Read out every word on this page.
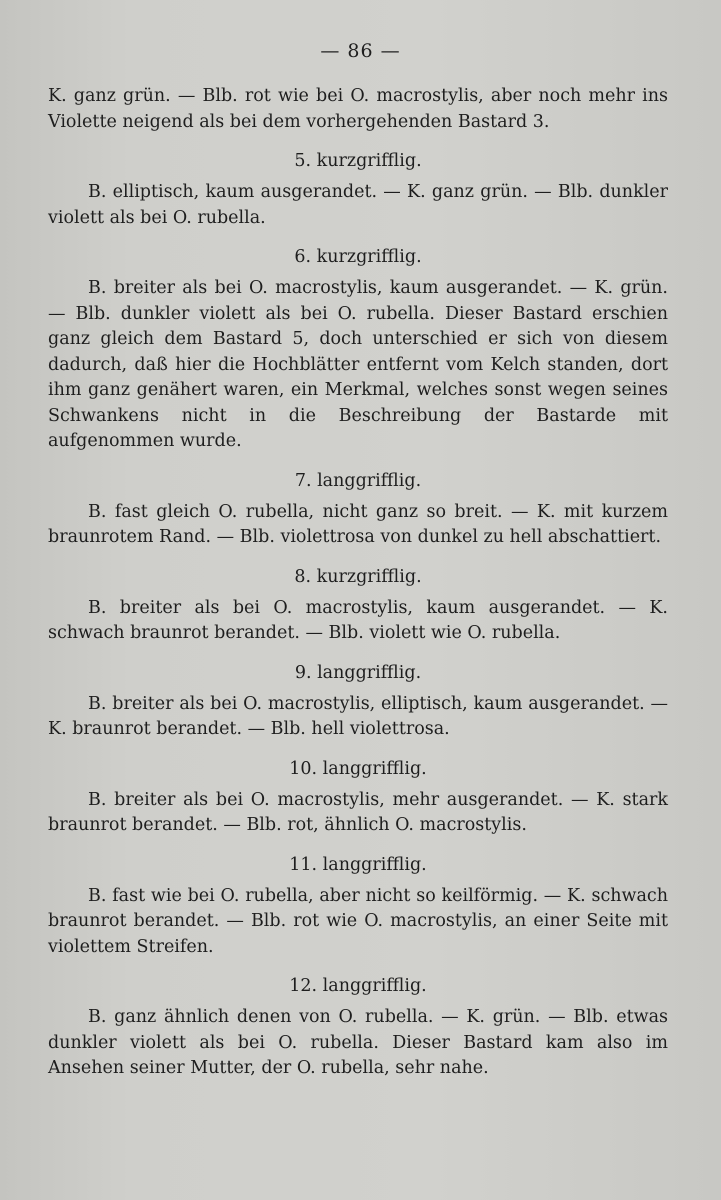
— 86 —

K. ganz grün. — Blb. rot wie bei O. macrostylis, aber noch mehr ins Violette neigend als bei dem vorhergehenden Bastard 3.

5. kurzgrifflig.

B. elliptisch, kaum ausgerandet. — K. ganz grün. — Blb. dunkler violett als bei O. rubella.

6. kurzgrifflig.

B. breiter als bei O. macrostylis, kaum ausgerandet. — K. grün. — Blb. dunkler violett als bei O. rubella. Dieser Bastard erschien ganz gleich dem Bastard 5, doch unterschied er sich von diesem dadurch, daß hier die Hochblätter entfernt vom Kelch standen, dort ihm ganz genähert waren, ein Merkmal, welches sonst wegen seines Schwankens nicht in die Beschreibung der Bastarde mit aufgenommen wurde.

7. langgrifflig.

B. fast gleich O. rubella, nicht ganz so breit. — K. mit kurzem braunrotem Rand. — Blb. violettrosa von dunkel zu hell abschattiert.

8. kurzgrifflig.

B. breiter als bei O. macrostylis, kaum ausgerandet. — K. schwach braunrot berandet. — Blb. violett wie O. rubella.

9. langgrifflig.

B. breiter als bei O. macrostylis, elliptisch, kaum ausgerandet. — K. braunrot berandet. — Blb. hell violettrosa.

10. langgrifflig.

B. breiter als bei O. macrostylis, mehr ausgerandet. — K. stark braunrot berandet. — Blb. rot, ähnlich O. macrostylis.

11. langgrifflig.

B. fast wie bei O. rubella, aber nicht so keilförmig. — K. schwach braunrot berandet. — Blb. rot wie O. macrostylis, an einer Seite mit violettem Streifen.

12. langgrifflig.

B. ganz ähnlich denen von O. rubella. — K. grün. — Blb. etwas dunkler violett als bei O. rubella. Dieser Bastard kam also im Ansehen seiner Mutter, der O. rubella, sehr nahe.
